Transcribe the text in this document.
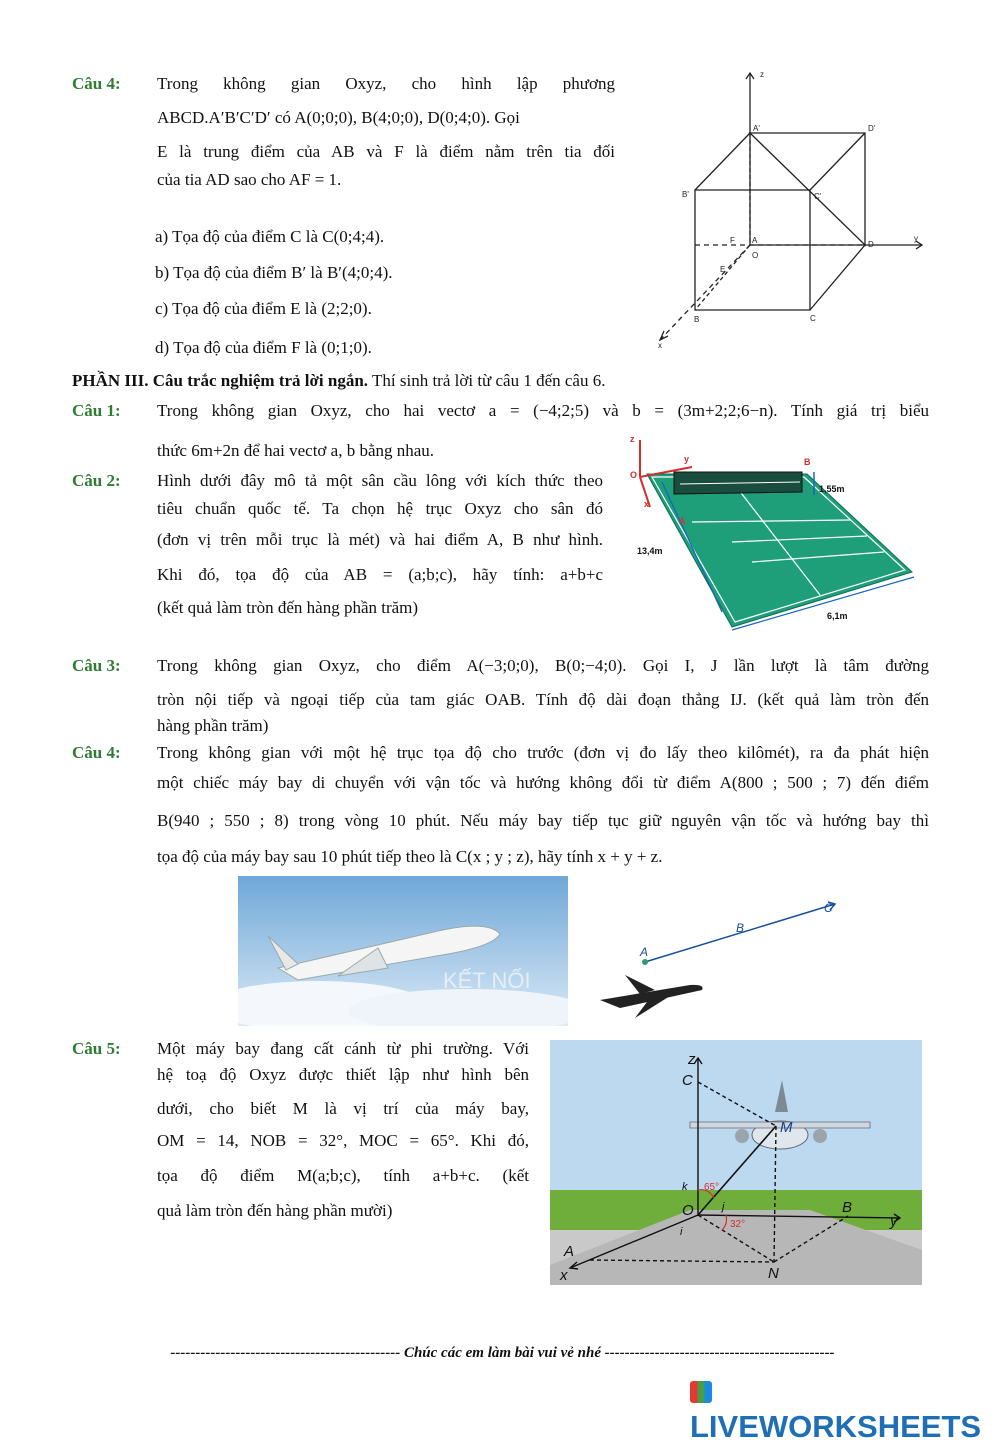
Câu 4: Trong không gian Oxyz, cho hình lập phương
ABCD.A′B′C′D′ có A(0;0;0), B(4;0;0), D(0;4;0). Gọi
E là trung điểm của AB và F là điểm nằm trên tia đối
của tia AD sao cho AF = 1.
a) Tọa độ của điểm C là C(0;4;4).
b) Tọa độ của điểm B′ là B′(4;0;4).
c) Tọa độ của điểm E là (2;2;0).
d) Tọa độ của điểm F là (0;1;0).
z
y
x
A'	D'
B'	C'
F A
O
E
D
B	C
PHẦN III. Câu trắc nghiệm trả lời ngắn. Thí sinh trả lời từ câu 1 đến câu 6.
Câu 1: Trong không gian Oxyz, cho hai vectơ a = (−4;2;5) và b = (3m+2;2;6−n). Tính giá trị biểu
thức 6m+2n để hai vectơ a, b bằng nhau.
Câu 2: Hình dưới đây mô tả một sân cầu lông với kích thức theo
tiêu chuẩn quốc tế. Ta chọn hệ trục Oxyz cho sân đó
(đơn vị trên mỗi trục là mét) và hai điểm A, B như hình.
Khi đó, tọa độ của AB = (a;b;c), hãy tính: a+b+c
(kết quả làm tròn đến hàng phần trăm)
z
y
O
x
A
B
1,55m
13,4m
6,1m
Câu 3: Trong không gian Oxyz, cho điểm A(−3;0;0), B(0;−4;0). Gọi I, J lần lượt là tâm đường
tròn nội tiếp và ngoại tiếp của tam giác OAB. Tính độ dài đoạn thẳng IJ. (kết quả làm tròn đến
hàng phần trăm)
Câu 4: Trong không gian với một hệ trục tọa độ cho trước (đơn vị đo lấy theo kilômét), ra đa phát hiện
một chiếc máy bay di chuyển với vận tốc và hướng không đổi từ điểm A(800 ; 500 ; 7) đến điểm
B(940 ; 550 ; 8) trong vòng 10 phút. Nếu máy bay tiếp tục giữ nguyên vận tốc và hướng bay thì
tọa độ của máy bay sau 10 phút tiếp theo là C(x ; y ; z), hãy tính x + y + z.
KẾT NỐI
A
B
C
Câu 5: Một máy bay đang cất cánh từ phi trường. Với
hệ toạ độ Oxyz được thiết lập như hình bên
dưới, cho biết M là vị trí của máy bay,
OM = 14, NOB = 32°, MOC = 65°. Khi đó,
tọa độ điểm M(a;b;c), tính a+b+c. (kết
quả làm tròn đến hàng phần mười)
z
C
M
k 65°
O	j
i
32°
B
y
A
N
x
---------------------------------------------- Chúc các em làm bài vui vẻ nhé ----------------------------------------------
LIVEWORKSHEETS
